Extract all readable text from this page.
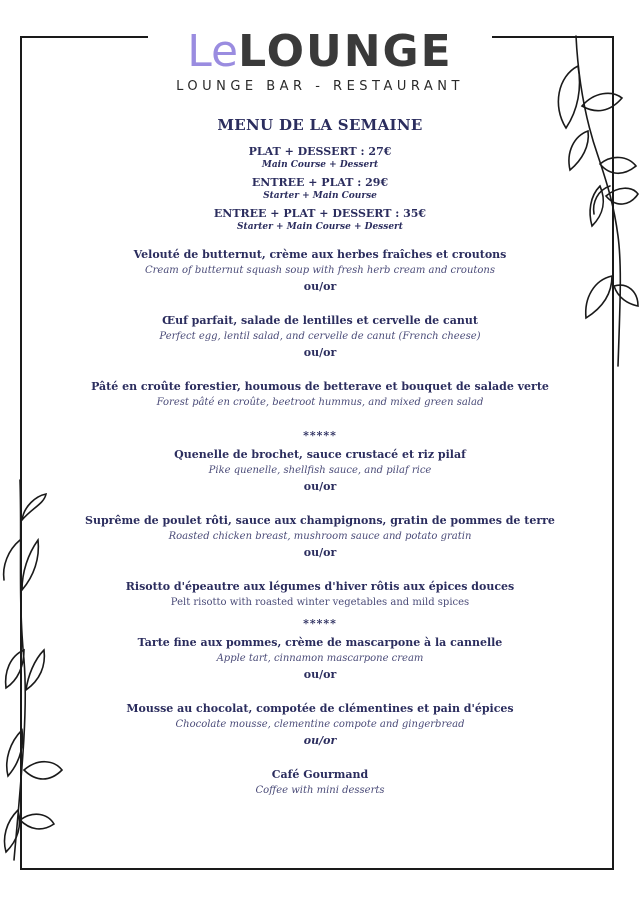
LeLOUNGE
LOUNGE BAR - RESTAURANT
MENU DE LA SEMAINE
PLAT + DESSERT : 27€
Main Course + Dessert
ENTREE + PLAT : 29€
Starter + Main Course
ENTREE + PLAT + DESSERT : 35€
Starter + Main Course + Dessert
Velouté de butternut, crème aux herbes fraîches et croutons
Cream of butternut squash soup with fresh herb cream and croutons
ou/or
Œuf parfait, salade de lentilles et cervelle de canut
Perfect egg, lentil salad, and cervelle de canut (French cheese)
ou/or
Pâté en croûte forestier, houmous de betterave et bouquet de salade verte
Forest pâté en croûte, beetroot hummus, and mixed green salad
*****
Quenelle de brochet, sauce crustacé et riz pilaf
Pike quenelle, shellfish sauce, and pilaf rice
ou/or
Suprême de poulet rôti, sauce aux champignons, gratin de pommes de terre
Roasted chicken breast, mushroom sauce and potato gratin
ou/or
Risotto d'épeautre aux légumes d'hiver rôtis aux épices douces
Pelt risotto with roasted winter vegetables and mild spices
*****
Tarte fine aux pommes, crème de mascarpone à la cannelle
Apple tart, cinnamon mascarpone cream
ou/or
Mousse au chocolat, compotée de clémentines et pain d'épices
Chocolate mousse, clementine compote and gingerbread
ou/or
Café Gourmand
Coffee with mini desserts
